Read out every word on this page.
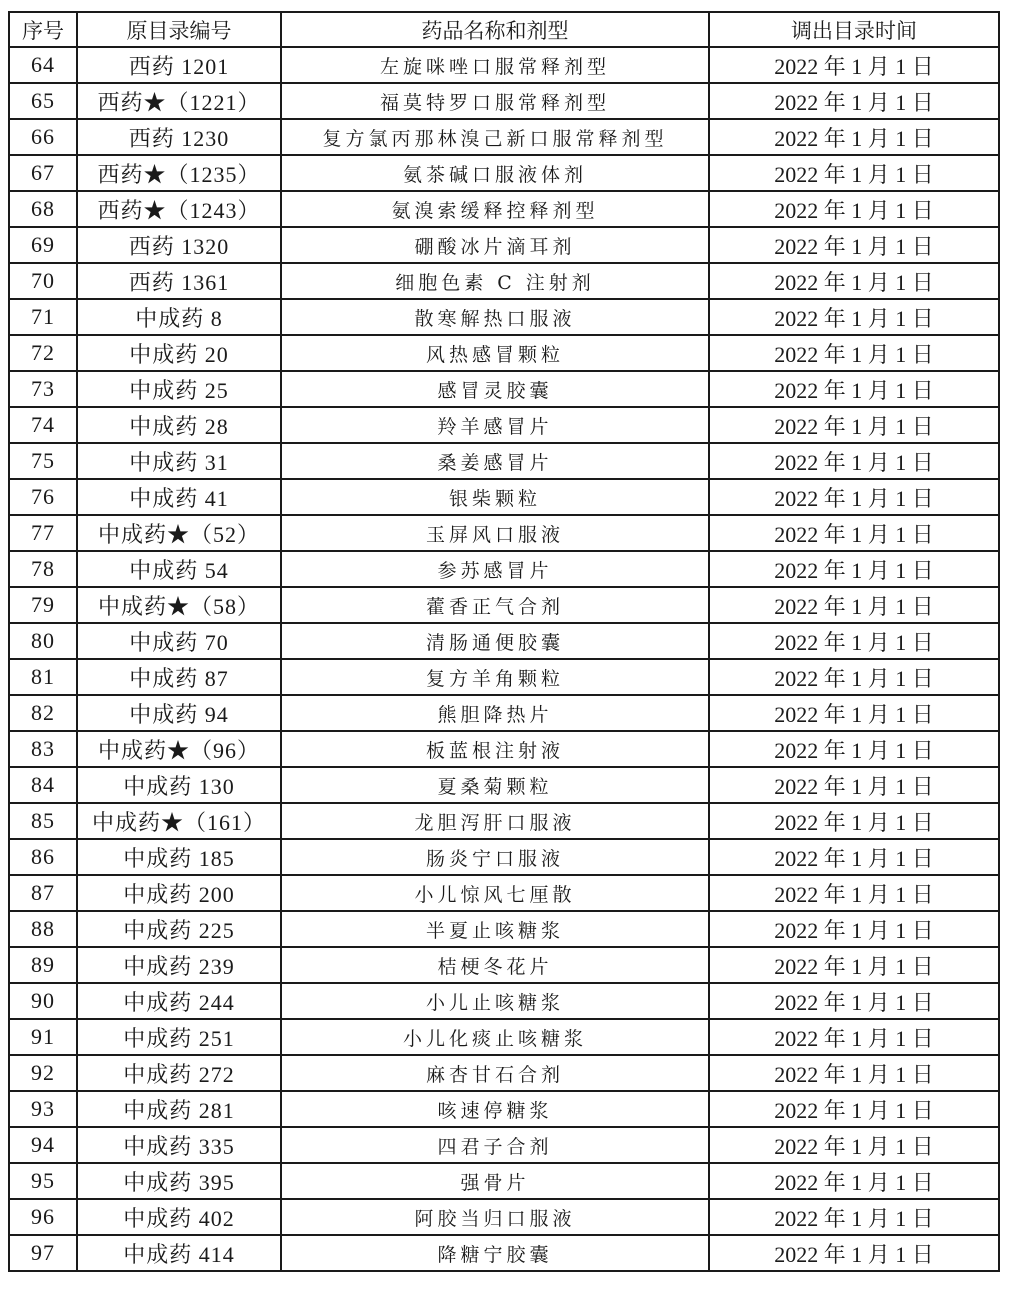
序号	原目录编号	药品名称和剂型	调出目录时间
64	西药 1201	左旋咪唑口服常释剂型	2022 年 1 月 1 日
65	西药★（1221）	福莫特罗口服常释剂型	2022 年 1 月 1 日
66	西药 1230	复方氯丙那林溴己新口服常释剂型	2022 年 1 月 1 日
67	西药★（1235）	氨茶碱口服液体剂	2022 年 1 月 1 日
68	西药★（1243）	氨溴索缓释控释剂型	2022 年 1 月 1 日
69	西药 1320	硼酸冰片滴耳剂	2022 年 1 月 1 日
70	西药 1361	细胞色素 C 注射剂	2022 年 1 月 1 日
71	中成药 8	散寒解热口服液	2022 年 1 月 1 日
72	中成药 20	风热感冒颗粒	2022 年 1 月 1 日
73	中成药 25	感冒灵胶囊	2022 年 1 月 1 日
74	中成药 28	羚羊感冒片	2022 年 1 月 1 日
75	中成药 31	桑姜感冒片	2022 年 1 月 1 日
76	中成药 41	银柴颗粒	2022 年 1 月 1 日
77	中成药★（52）	玉屏风口服液	2022 年 1 月 1 日
78	中成药 54	参苏感冒片	2022 年 1 月 1 日
79	中成药★（58）	藿香正气合剂	2022 年 1 月 1 日
80	中成药 70	清肠通便胶囊	2022 年 1 月 1 日
81	中成药 87	复方羊角颗粒	2022 年 1 月 1 日
82	中成药 94	熊胆降热片	2022 年 1 月 1 日
83	中成药★（96）	板蓝根注射液	2022 年 1 月 1 日
84	中成药 130	夏桑菊颗粒	2022 年 1 月 1 日
85	中成药★（161）	龙胆泻肝口服液	2022 年 1 月 1 日
86	中成药 185	肠炎宁口服液	2022 年 1 月 1 日
87	中成药 200	小儿惊风七厘散	2022 年 1 月 1 日
88	中成药 225	半夏止咳糖浆	2022 年 1 月 1 日
89	中成药 239	桔梗冬花片	2022 年 1 月 1 日
90	中成药 244	小儿止咳糖浆	2022 年 1 月 1 日
91	中成药 251	小儿化痰止咳糖浆	2022 年 1 月 1 日
92	中成药 272	麻杏甘石合剂	2022 年 1 月 1 日
93	中成药 281	咳速停糖浆	2022 年 1 月 1 日
94	中成药 335	四君子合剂	2022 年 1 月 1 日
95	中成药 395	强骨片	2022 年 1 月 1 日
96	中成药 402	阿胶当归口服液	2022 年 1 月 1 日
97	中成药 414	降糖宁胶囊	2022 年 1 月 1 日
